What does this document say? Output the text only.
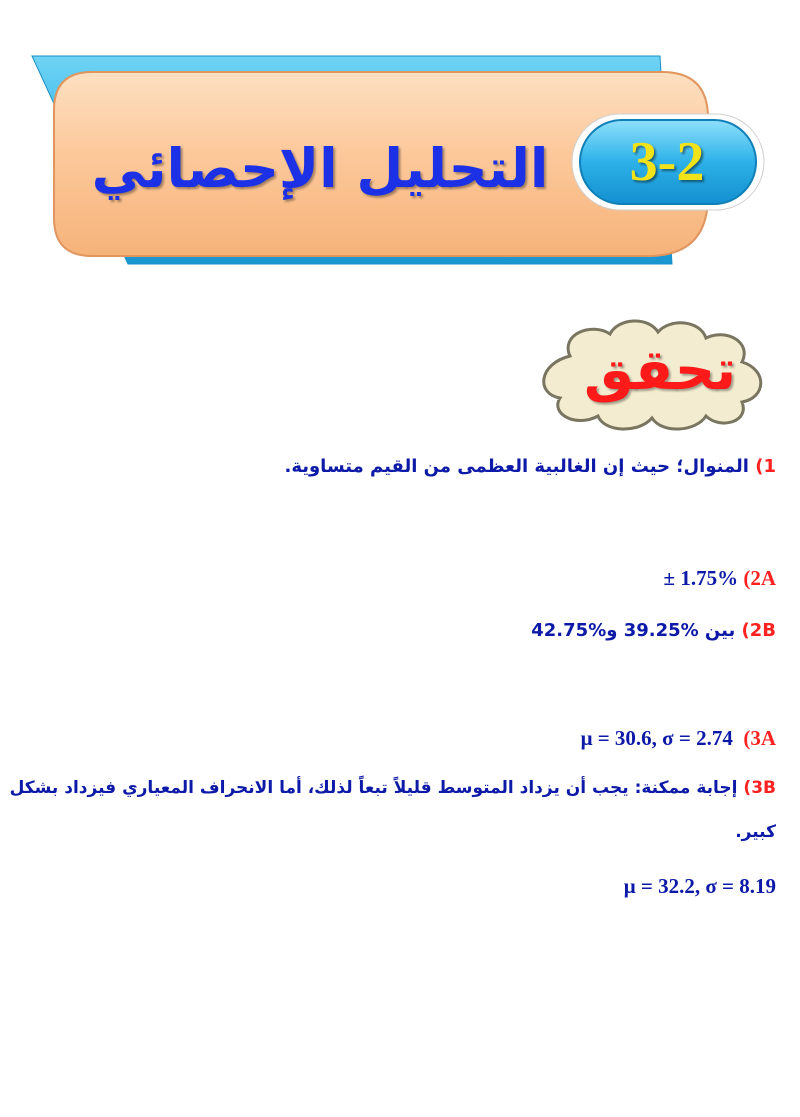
التحليل الإحصائي	3-2
تحقق
1) المنوال؛ حيث إن الغالبية العظمى من القيم متساوية.
± 1.75% (2A
2B) بين %39.25 و%42.75
μ = 30.6, σ = 2.74 (3A
3B) إجابة ممكنة: يجب أن يزداد المتوسط قليلاً تبعاً لذلك، أما الانحراف المعياري فيزداد بشكل
كبير.
μ = 32.2, σ = 8.19
